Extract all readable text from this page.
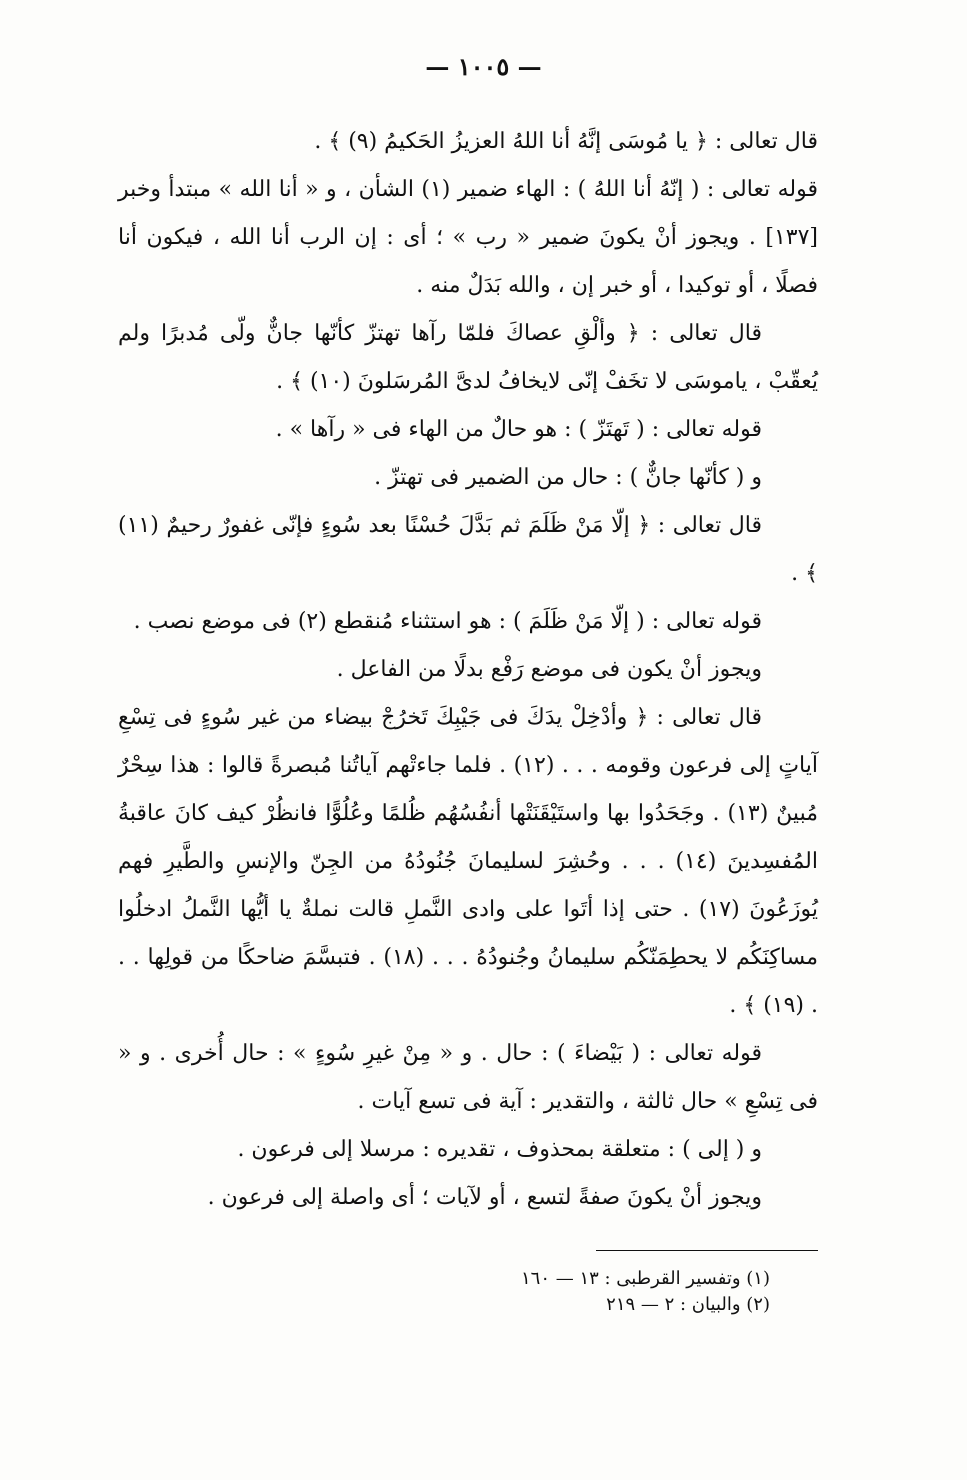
— ١٠٠٥ —

قال تعالى : ﴿ يا مُوسَى إنَّهُ أنا اللهُ العزيزُ الحَكيمُ (٩) ﴾ .

قوله تعالى : ( إنّهُ أنا اللهُ ) : الهاء ضمير (١) الشأن ، و « أنا الله » مبتدأ وخبر [١٣٧] . ويجوز أنْ يكونَ ضمير « رب » ؛ أى : إن الرب أنا الله ، فيكون أنا فصلًا ، أو توكيدا ، أو خبر إن ، والله بَدَلٌ منه .

قال تعالى : ﴿ وألْقِ عصاكَ فلمّا رآها تهتزّ كأنّها جانٌّ ولّى مُدبرًا ولم يُعقّبْ ، ياموسَى لا تخَفْ إنّى لايخافُ لدىَّ المُرسَلونَ (١٠) ﴾ .

قوله تعالى : ( تَهتَزّ ) : هو حالٌ من الهاء فى « رآها » .

و ( كأنّها جانٌّ ) : حال من الضمير فى تهتزّ .

قال تعالى : ﴿ إلّا مَنْ ظَلَمَ ثم بَدَّلَ حُسْنًا بعد سُوءٍ فإنّى غفورٌ رحيمٌ (١١) ﴾ .

قوله تعالى : ( إلّا مَنْ ظَلَمَ ) : هو استثناء مُنقطع (٢) فى موضع نصب .

ويجوز أنْ يكون فى موضع رَفْع بدلًا من الفاعل .

قال تعالى : ﴿ وأدْخِلْ يدَكَ فى جَيْبِكَ تَخرُجْ بيضاء من غير سُوءٍ فى تِسْعِ آياتٍ إلى فرعون وقومه . . . (١٢) . فلما جاءتْهم آياتُنا مُبصرةً قالوا : هذا سِحْرٌ مُبينٌ (١٣) . وجَحَدُوا بها واستَيْقَنَتْها أنفُسُهُم ظُلمًا وعُلُوًّا فانظُرْ كيف كانَ عاقبةُ المُفسِدينَ (١٤) . . . وحُشِرَ لسليمانَ جُنُودُهُ من الجِنّ والإنسِ والطَّيرِ فهم يُوزَعُونَ (١٧) . حتى إذا أتَوا على وادى النَّملِ قالت نملةٌ يا أيُّها النَّملُ ادخلُوا مساكِنَكُم لا يحطِمَنّكُم سليمانُ وجُنودُهُ . . . (١٨) . فتبسَّمَ ضاحكًا من قولِها . . . (١٩) ﴾ .

قوله تعالى : ( بَيْضاءَ ) : حال . و « مِنْ غيرِ سُوءٍ » : حال أُخرى . و « فى تِسْعِ » حال ثالثة ، والتقدير : آية فى تسع آيات .

و ( إلى ) : متعلقة بمحذوف ، تقديره : مرسلا إلى فرعون .

ويجوز أنْ يكونَ صفةً لتسع ، أو لآيات ؛ أى واصلة إلى فرعون .

(١) وتفسير القرطبى : ١٣ — ١٦٠

(٢) والبيان : ٢ — ٢١٩
